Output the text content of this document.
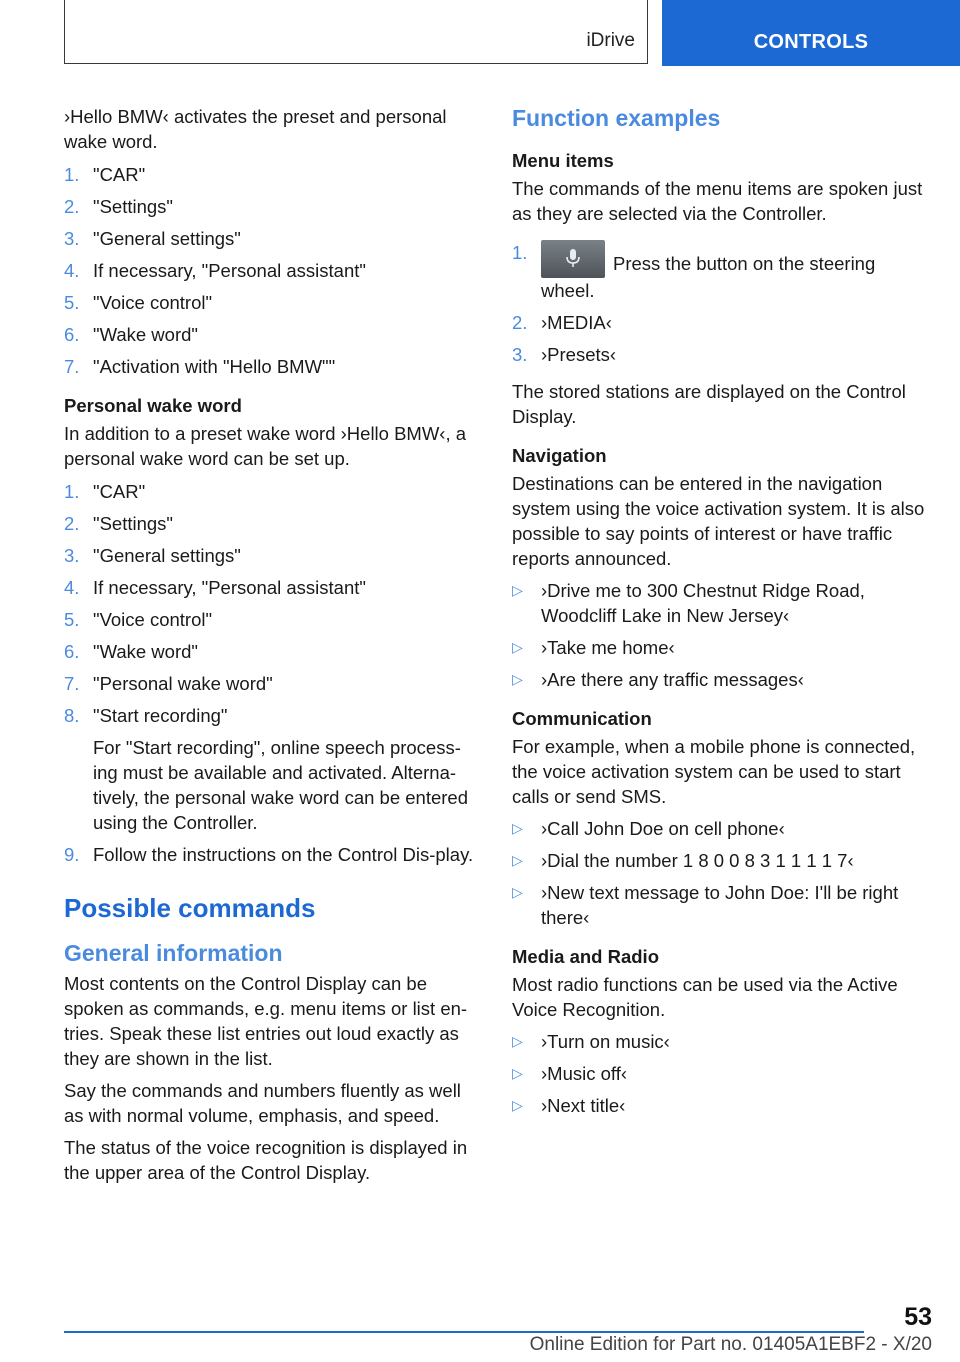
iDrive	CONTROLS

›Hello BMW‹ activates the preset and personal wake word.

1. "CAR"
2. "Settings"
3. "General settings"
4. If necessary, "Personal assistant"
5. "Voice control"
6. "Wake word"
7. "Activation with "Hello BMW""

Personal wake word

In addition to a preset wake word ›Hello BMW‹, a personal wake word can be set up.

1. "CAR"
2. "Settings"
3. "General settings"
4. If necessary, "Personal assistant"
5. "Voice control"
6. "Wake word"
7. "Personal wake word"
8. "Start recording"
For "Start recording", online speech process-ing must be available and activated. Alterna-tively, the personal wake word can be entered using the Controller.
9. Follow the instructions on the Control Dis-play.
Possible commands
General information

Most contents on the Control Display can be spoken as commands, e.g. menu items or list en-tries. Speak these list entries out loud exactly as they are shown in the list.

Say the commands and numbers fluently as well as with normal volume, emphasis, and speed.

The status of the voice recognition is displayed in the upper area of the Control Display.

Function examples

Menu items

The commands of the menu items are spoken just as they are selected via the Controller.

1.
Press the button on the steering wheel.
2. ›MEDIA‹
3. ›Presets‹

The stored stations are displayed on the Control Display.

Navigation

Destinations can be entered in the navigation system using the voice activation system. It is also possible to say points of interest or have traffic reports announced.

▷ ›Drive me to 300 Chestnut Ridge Road, Woodcliff Lake in New Jersey‹
▷ ›Take me home‹
▷ ›Are there any traffic messages‹

Communication

For example, when a mobile phone is connected, the voice activation system can be used to start calls or send SMS.

▷ ›Call John Doe on cell phone‹
▷ ›Dial the number 1 8 0 0 8 3 1 1 1 1 7‹
▷ ›New text message to John Doe: I'll be right there‹

Media and Radio

Most radio functions can be used via the Active Voice Recognition.

▷ ›Turn on music‹
▷ ›Music off‹
▷ ›Next title‹
53
Online Edition for Part no. 01405A1EBF2 - X/20
